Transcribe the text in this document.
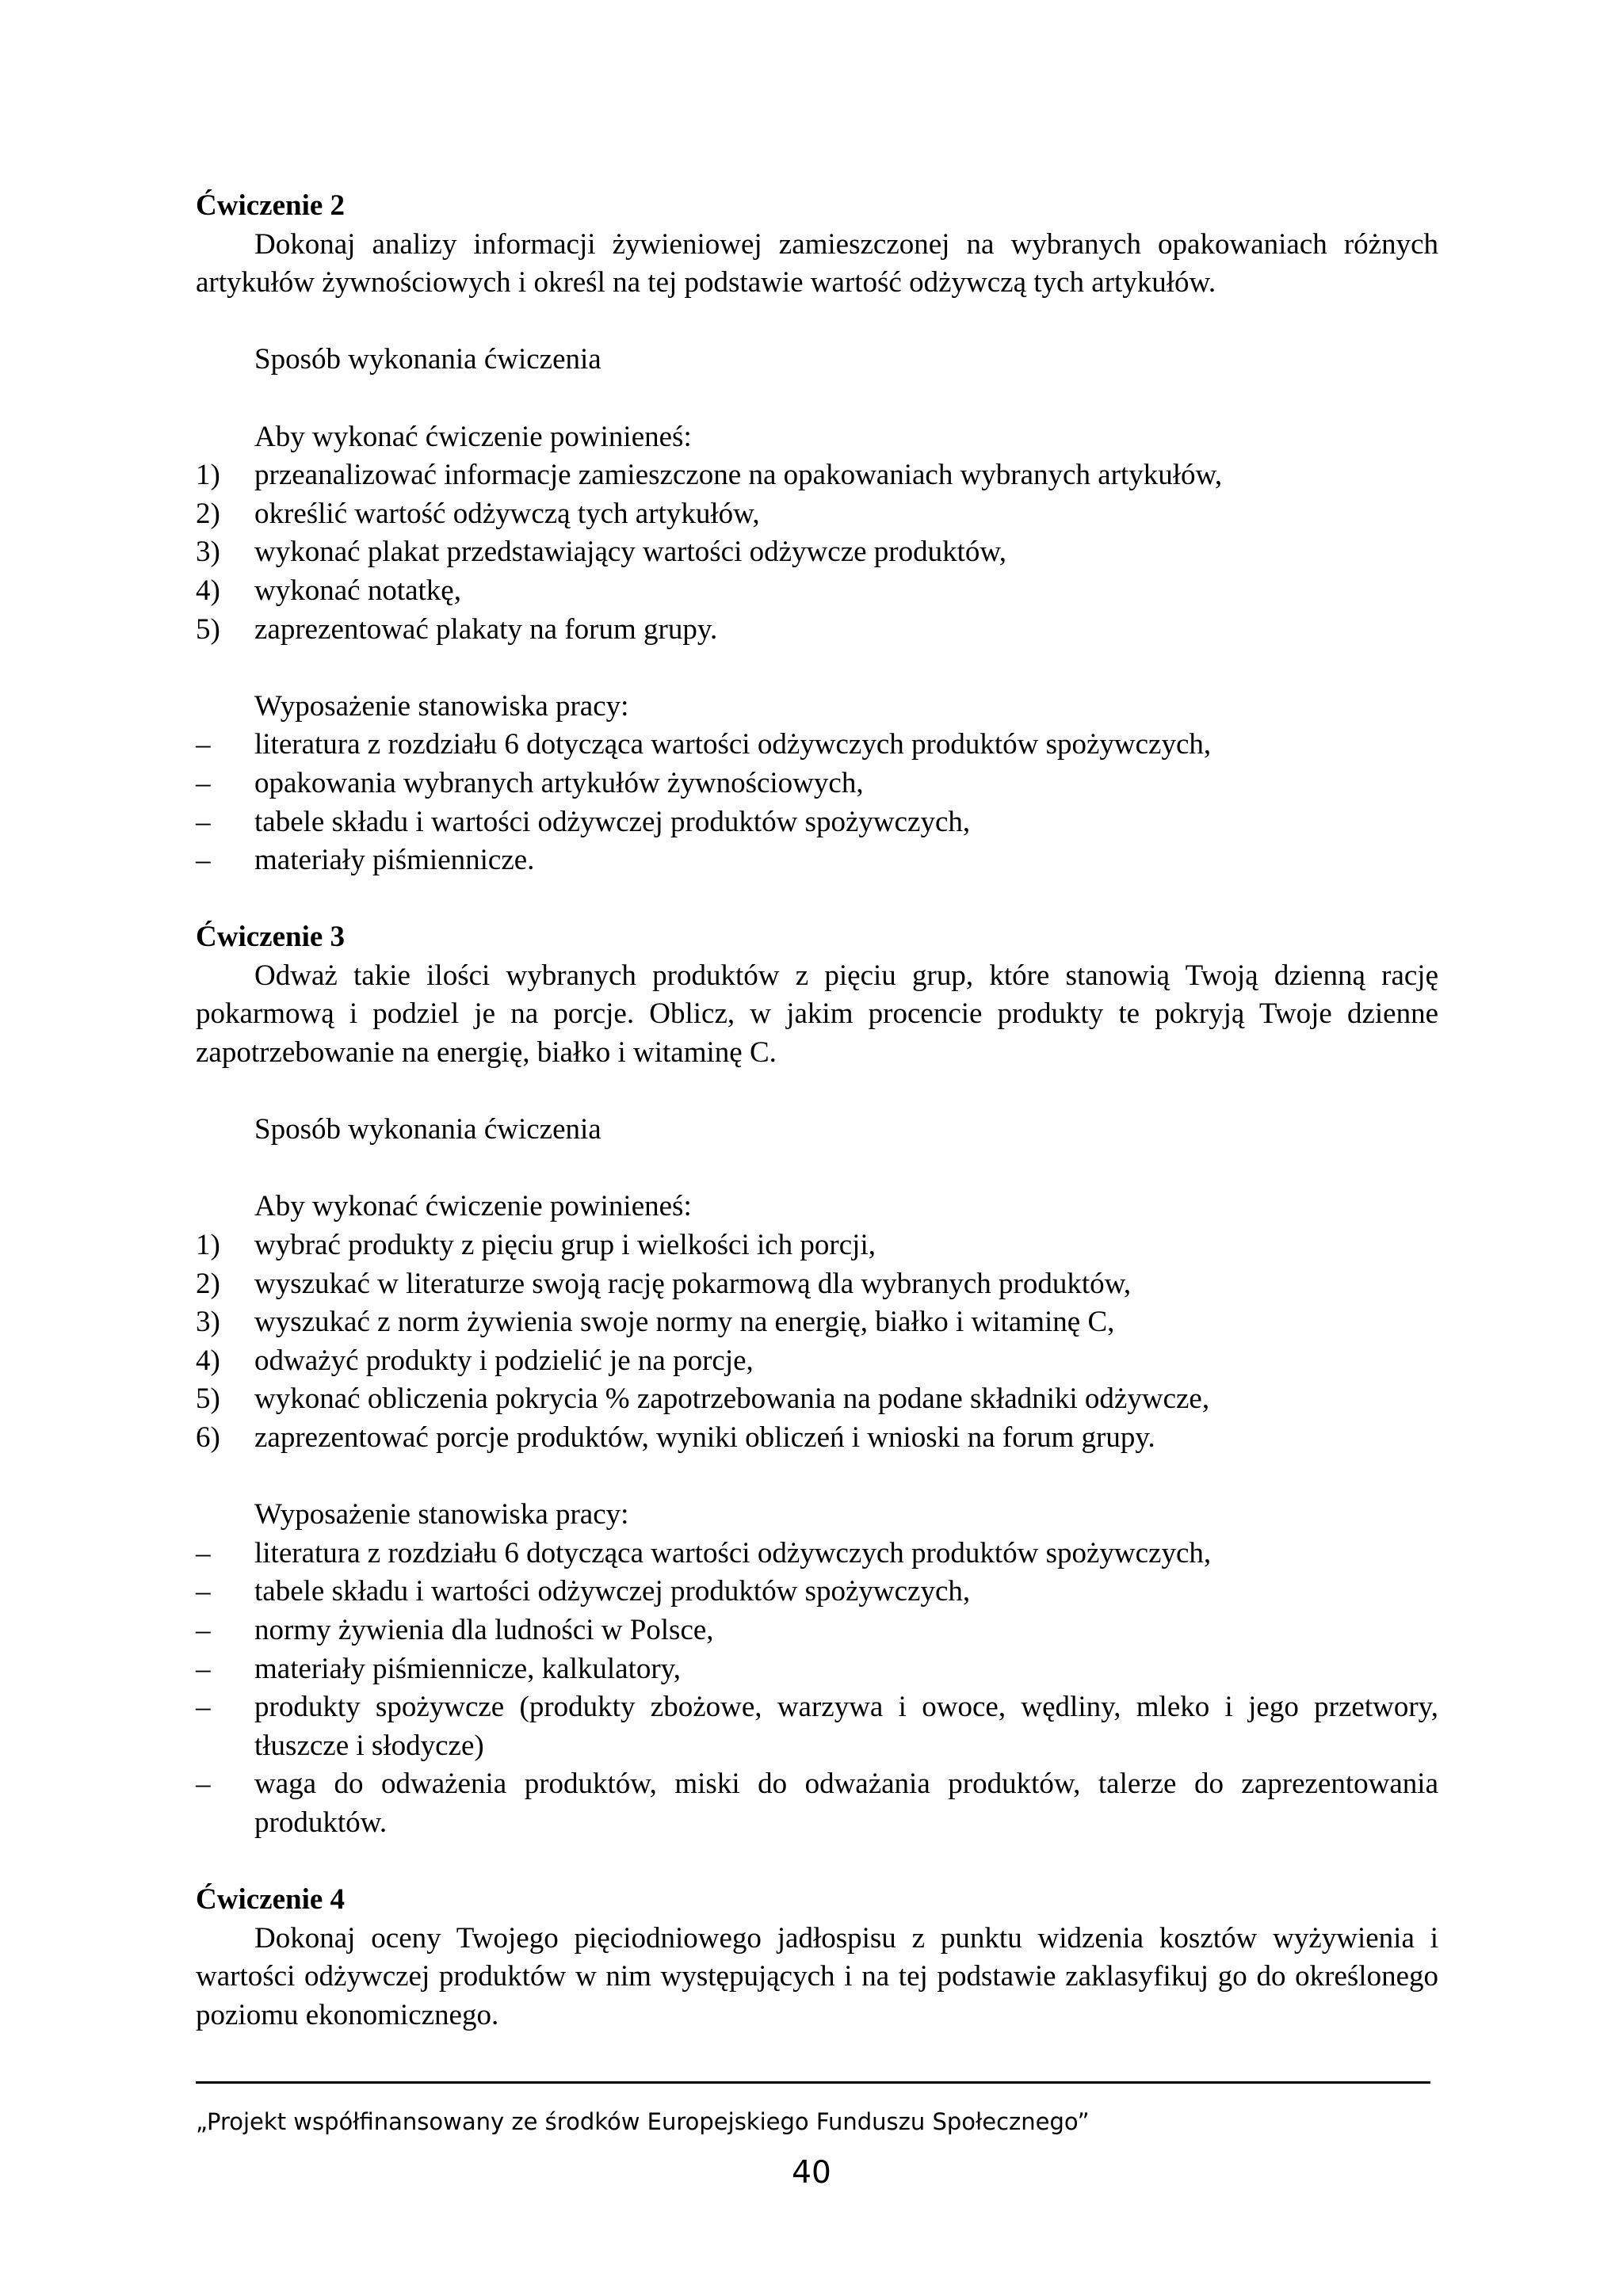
Ćwiczenie 2

Dokonaj analizy informacji żywieniowej zamieszczonej na wybranych opakowaniach różnych artykułów żywnościowych i określ na tej podstawie wartość odżywczą tych artykułów.

Sposób wykonania ćwiczenia

Aby wykonać ćwiczenie powinieneś:

1) przeanalizować informacje zamieszczone na opakowaniach wybranych artykułów,
2) określić wartość odżywczą tych artykułów,
3) wykonać plakat przedstawiający wartości odżywcze produktów,
4) wykonać notatkę,
5) zaprezentować plakaty na forum grupy.

Wyposażenie stanowiska pracy:

– literatura z rozdziału 6 dotycząca wartości odżywczych produktów spożywczych,
– opakowania wybranych artykułów żywnościowych,
– tabele składu i wartości odżywczej produktów spożywczych,
– materiały piśmiennicze.

Ćwiczenie 3

Odważ takie ilości wybranych produktów z pięciu grup, które stanowią Twoją dzienną rację pokarmową i podziel je na porcje. Oblicz, w jakim procencie produkty te pokryją Twoje dzienne zapotrzebowanie na energię, białko i witaminę C.

Sposób wykonania ćwiczenia

Aby wykonać ćwiczenie powinieneś:

1) wybrać produkty z pięciu grup i wielkości ich porcji,
2) wyszukać w literaturze swoją rację pokarmową dla wybranych produktów,
3) wyszukać z norm żywienia swoje normy na energię, białko i witaminę C,
4) odważyć produkty i podzielić je na porcje,
5) wykonać obliczenia pokrycia % zapotrzebowania na podane składniki odżywcze,
6) zaprezentować porcje produktów, wyniki obliczeń i wnioski na forum grupy.

Wyposażenie stanowiska pracy:

– literatura z rozdziału 6 dotycząca wartości odżywczych produktów spożywczych,
– tabele składu i wartości odżywczej produktów spożywczych,
– normy żywienia dla ludności w Polsce,
– materiały piśmiennicze, kalkulatory,
– produkty spożywcze (produkty zbożowe, warzywa i owoce, wędliny, mleko i jego przetwory, tłuszcze i słodycze)
– waga do odważenia produktów, miski do odważania produktów, talerze do zaprezentowania produktów.

Ćwiczenie 4

Dokonaj oceny Twojego pięciodniowego jadłospisu z punktu widzenia kosztów wyżywienia i wartości odżywczej produktów w nim występujących i na tej podstawie zaklasyfikuj go do określonego poziomu ekonomicznego.

„Projekt współfinansowany ze środków Europejskiego Funduszu Społecznego”
40
